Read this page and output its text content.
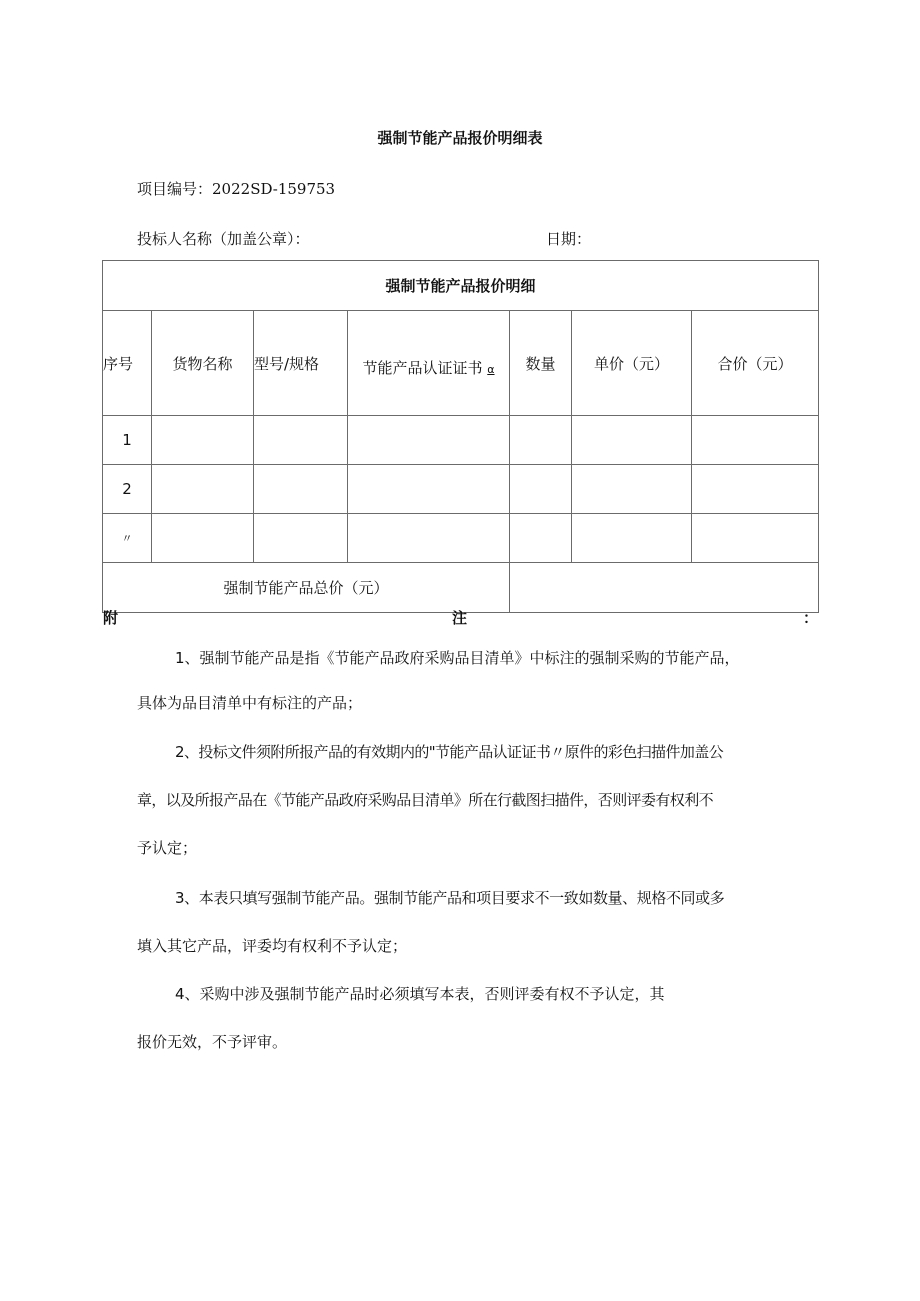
强制节能产品报价明细表
项目编号：2022SD-159753
投标人名称（加盖公章）：	日期：
强制节能产品报价明细						
序号	货物名称	型号/规格	节能产品认证证书 α	数量	单价（元）	合价（元）
1						
2						
〃						
强制节能产品总价（元）						
附	注	：
1、强制节能产品是指《节能产品政府采购品目清单》中标注的强制采购的节能产品，
具体为品目清单中有标注的产品；
2、投标文件须附所报产品的有效期内的"节能产品认证证书〃原件的彩色扫描件加盖公
章，以及所报产品在《节能产品政府采购品目清单》所在行截图扫描件，否则评委有权利不
予认定；
3、本表只填写强制节能产品。强制节能产品和项目要求不一致如数量、规格不同或多
填入其它产品，评委均有权利不予认定；
4、采购中涉及强制节能产品时必须填写本表，否则评委有权不予认定，其
报价无效，不予评审。
